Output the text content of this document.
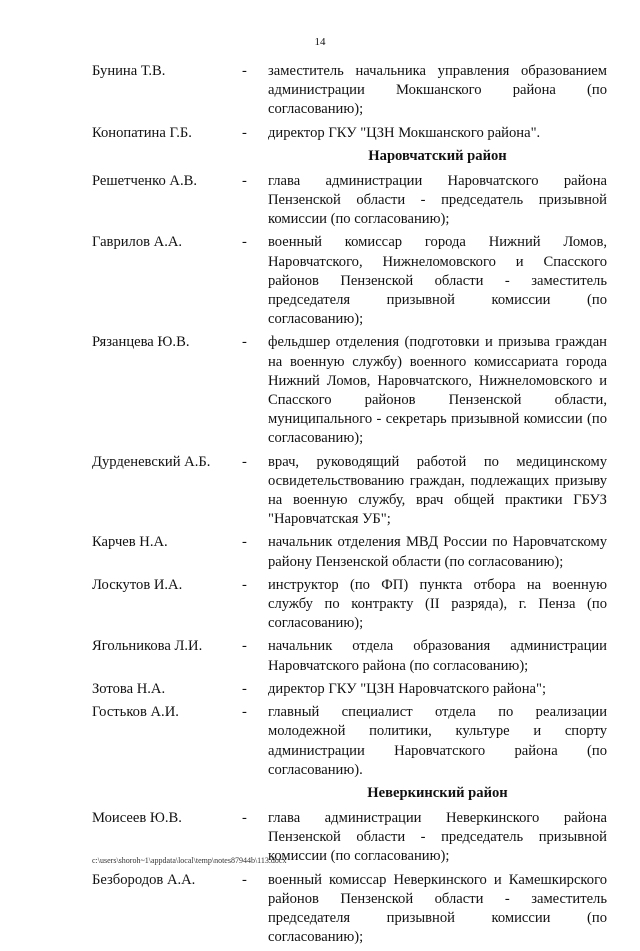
14
Бунина Т.В.	-	заместитель начальника управления образованием администрации Мокшанского района (по согласованию);
Конопатина Г.Б.	-	директор ГКУ "ЦЗН Мокшанского района".
Наровчатский район
Решетченко А.В.	-	глава администрации Наровчатского района Пензенской области - председатель призывной комиссии (по согласованию);
Гаврилов А.А.	-	военный комиссар города Нижний Ломов, Наровчатского, Нижнеломовского и Спасского районов Пензенской области - заместитель председателя призывной комиссии (по согласованию);
Рязанцева Ю.В.	-	фельдшер отделения (подготовки и призыва граждан на военную службу) военного комиссариата города Нижний Ломов, Наровчатского, Нижнеломовского и Спасского районов Пензенской области, муниципального - секретарь призывной комиссии (по согласованию);
Дурденевский А.Б.	-	врач, руководящий работой по медицинскому освидетельствованию граждан, подлежащих призыву на военную службу, врач общей практики ГБУЗ "Наровчатская УБ";
Карчев Н.А.	-	начальник отделения МВД России по Наровчатскому району Пензенской области (по согласованию);
Лоскутов И.А.	-	инструктор (по ФП) пункта отбора на военную службу по контракту (II разряда), г. Пенза (по согласованию);
Ягольникова Л.И.	-	начальник отдела образования администрации Наровчатского района (по согласованию);
Зотова Н.А.	-	директор ГКУ "ЦЗН Наровчатского района";
Гостьков А.И.	-	главный специалист отдела по реализации молодежной политики, культуре и спорту администрации Наровчатского района (по согласованию).
Неверкинский район
Моисеев Ю.В.	-	глава администрации Неверкинского района Пензенской области - председатель призывной комиссии (по согласованию);
Безбородов А.А.	-	военный комиссар Неверкинского и Камешкирского районов Пензенской области - заместитель председателя призывной комиссии (по согласованию);
c:\users\shoroh~1\appdata\local\temp\notes87944b\113.docx
